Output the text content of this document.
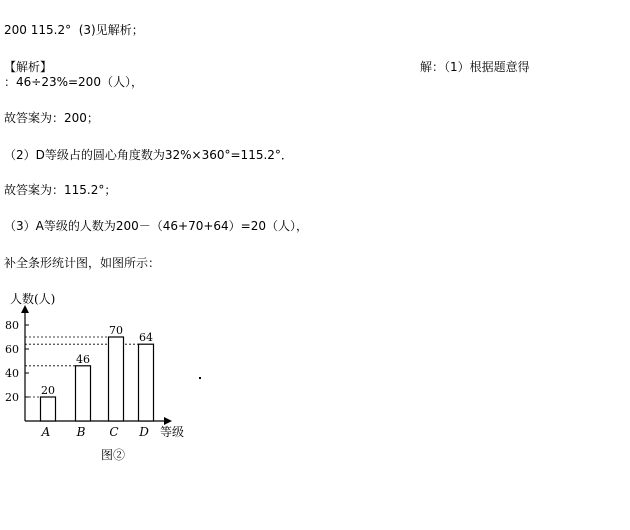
200 115.2°  (3)见解析；
【解析】	解：（1）根据题意得
：46÷23%=200（人），
故答案为：200；
（2）D等级占的圆心角度数为32%×360°=115.2°．
故答案为：115.2°；
（3）A等级的人数为200－（46+70+64）=20（人），
补全条形统计图，如图所示：
20
40
60
80
人数(人)
20
A
46
B
70
C
64
D 等级
图②
